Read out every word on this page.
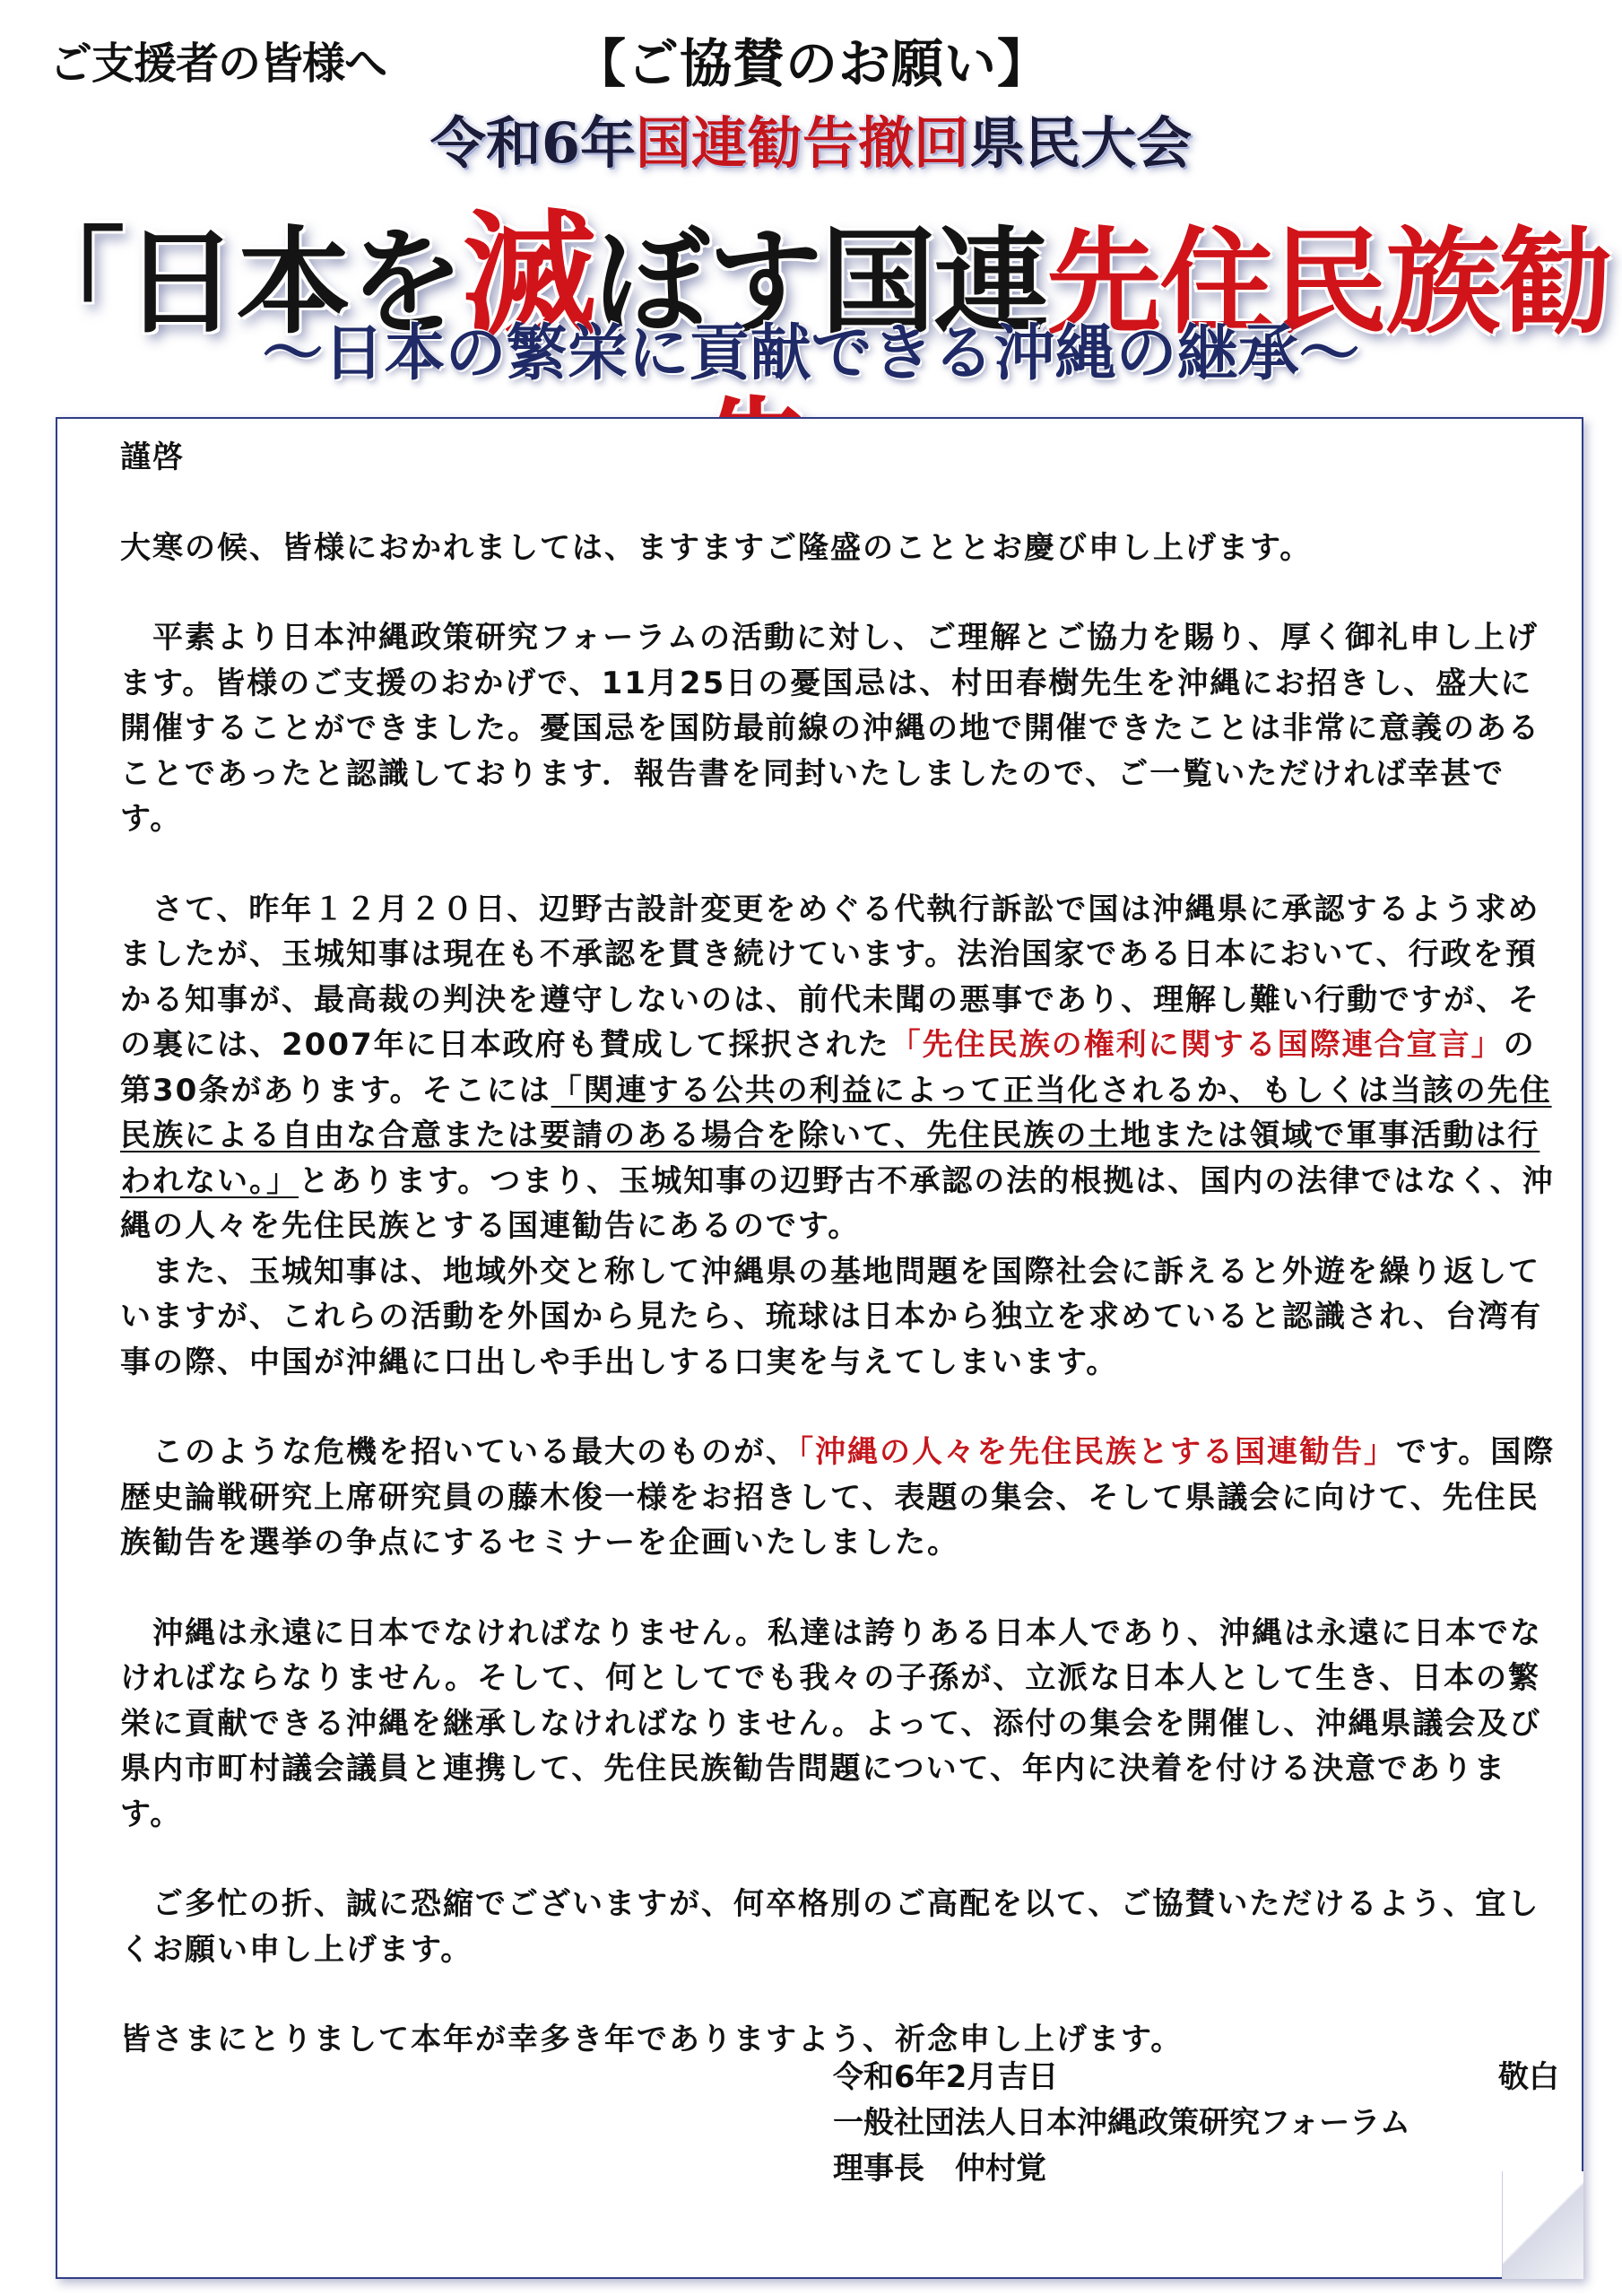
ご支援者の皆様へ	【ご協賛のお願い】
令和6年国連勧告撤回県民大会
「日本を滅ぼす国連先住民族勧
～日本の繁栄に貢献できる沖縄の継承～

謹啓

大寒の候、皆様におかれましては、ますますご隆盛のこととお慶び申し上げます。

　平素より日本沖縄政策研究フォーラムの活動に対し、ご理解とご協力を賜り、厚く御礼申し上げます。皆様のご支援のおかげで、11月25日の憂国忌は、村田春樹先生を沖縄にお招きし、盛大に開催することができました。憂国忌を国防最前線の沖縄の地で開催できたことは非常に意義のあることであったと認識しております．報告書を同封いたしましたので、ご一覧いただければ幸甚です。

　さて、昨年１２月２０日、辺野古設計変更をめぐる代執行訴訟で国は沖縄県に承認するよう求めましたが、玉城知事は現在も不承認を貫き続けています。法治国家である日本において、行政を預かる知事が、最高裁の判決を遵守しないのは、前代未聞の悪事であり、理解し難い行動ですが、その裏には、2007年に日本政府も賛成して採択された「先住民族の権利に関する国際連合宣言」の第30条があります。そこには「関連する公共の利益によって正当化されるか、もしくは当該の先住民族による自由な合意または要請のある場合を除いて、先住民族の土地または領域で軍事活動は行われない。」とあります。つまり、玉城知事の辺野古不承認の法的根拠は、国内の法律ではなく、沖縄の人々を先住民族とする国連勧告にあるのです。

　また、玉城知事は、地域外交と称して沖縄県の基地問題を国際社会に訴えると外遊を繰り返していますが、これらの活動を外国から見たら、琉球は日本から独立を求めていると認識され、台湾有事の際、中国が沖縄に口出しや手出しする口実を与えてしまいます。

　このような危機を招いている最大のものが、「沖縄の人々を先住民族とする国連勧告」です。国際歴史論戦研究上席研究員の藤木俊一様をお招きして、表題の集会、そして県議会に向けて、先住民族勧告を選挙の争点にするセミナーを企画いたしました。

　沖縄は永遠に日本でなければなりません。私達は誇りある日本人であり、沖縄は永遠に日本でなければならなりません。そして、何としてでも我々の子孫が、立派な日本人として生き、日本の繁栄に貢献できる沖縄を継承しなければなりません。よって、添付の集会を開催し、沖縄県議会及び県内市町村議会議員と連携して、先住民族勧告問題について、年内に決着を付ける決意であります。

　ご多忙の折、誠に恐縮でございますが、何卒格別のご高配を以て、ご協賛いただけるよう、宜しくお願い申し上げます。

皆さまにとりまして本年が幸多き年でありますよう、祈念申し上げます。

令和6年2月吉日	敬白
一般社団法人日本沖縄政策研究フォーラム
理事長　仲村覚
